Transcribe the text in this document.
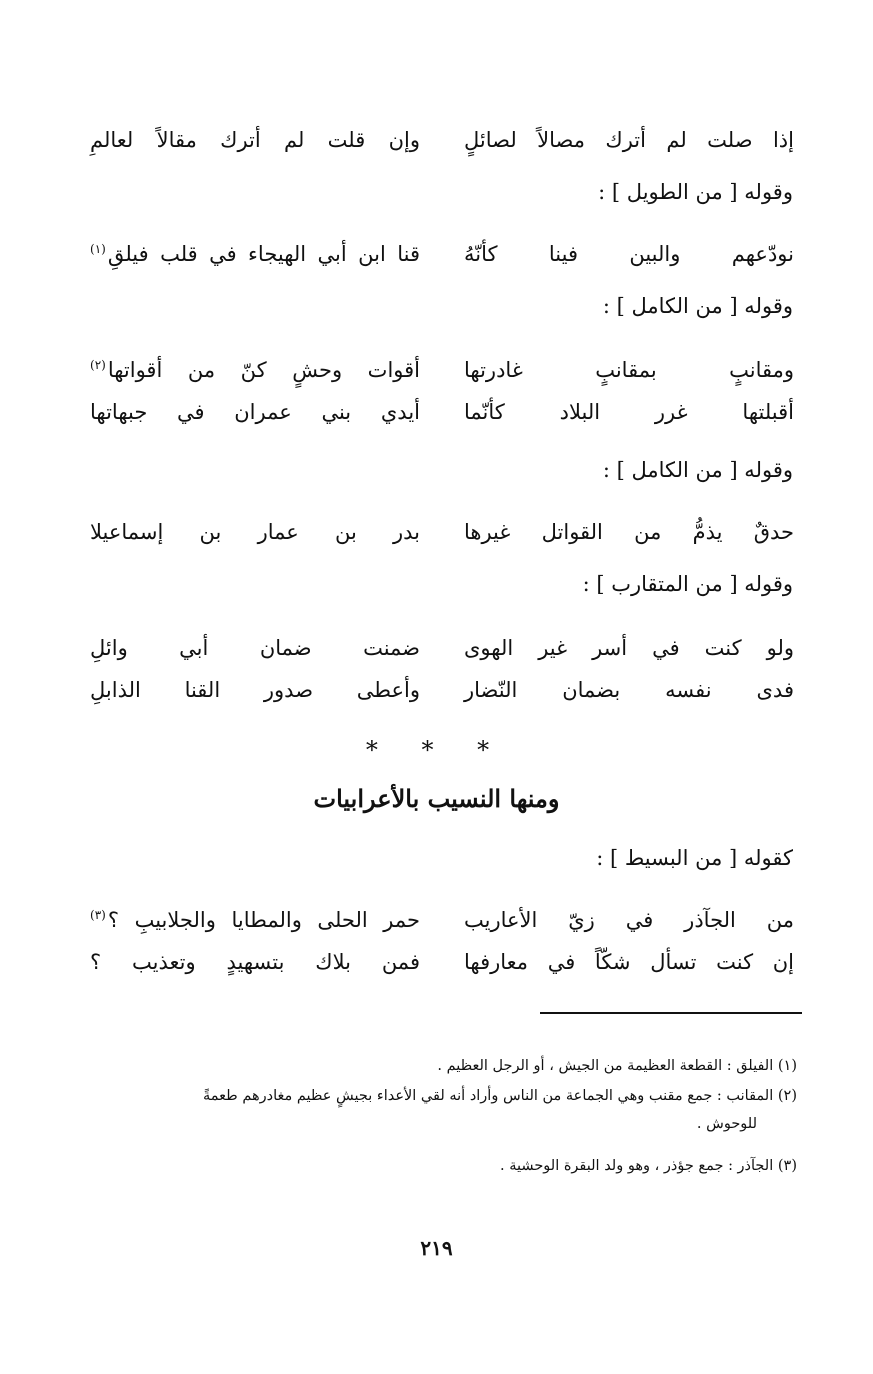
إذا صلت لم أترك مصالاً لصائلٍ
وإن قلت لم أترك مقالاً لعالمِ
وقوله [ من الطويل ] :
نودّعهم والبين فينا كأنّهُ
قنا ابن أبي الهيجاء في قلب فيلقِ$^{(١)}$
وقوله [ من الكامل ] :
ومقانبٍ بمقانبٍ غادرتها
أقوات وحشٍ كنّ من أقواتها$^{(٢)}$
أقبلتها غرر البلاد كأنّما
أيدي بني عمران في جبهاتها
وقوله [ من الكامل ] :
حدقٌ يذمُّ من القواتل غيرها
بدر بن عمار بن إسماعيلا
وقوله [ من المتقارب ] :
ولو كنت في أسر غير الهوى
ضمنت ضمان أبي وائلِ
فدى نفسه بضمان النّضار
وأعطى صدور القنا الذابلِ
* * *
ومنها النسيب بالأعرابيات
كقوله [ من البسيط ] :
من الجآذر في زيّ الأعاريب
حمر الحلى والمطايا والجلابيبِ ؟$^{(٣)}$
إن كنت تسأل شكّاً في معارفها
فمن بلاك بتسهيدٍ وتعذيب ؟
(١) الفيلق : القطعة العظيمة من الجيش ، أو الرجل العظيم .
(٢) المقانب : جمع مقنب وهي الجماعة من الناس وأراد أنه لقي الأعداء بجيشٍ عظيم مغادرهم طعمةً
للوحوش .
(٣) الجآذر : جمع جؤذر ، وهو ولد البقرة الوحشية .
٢١٩
